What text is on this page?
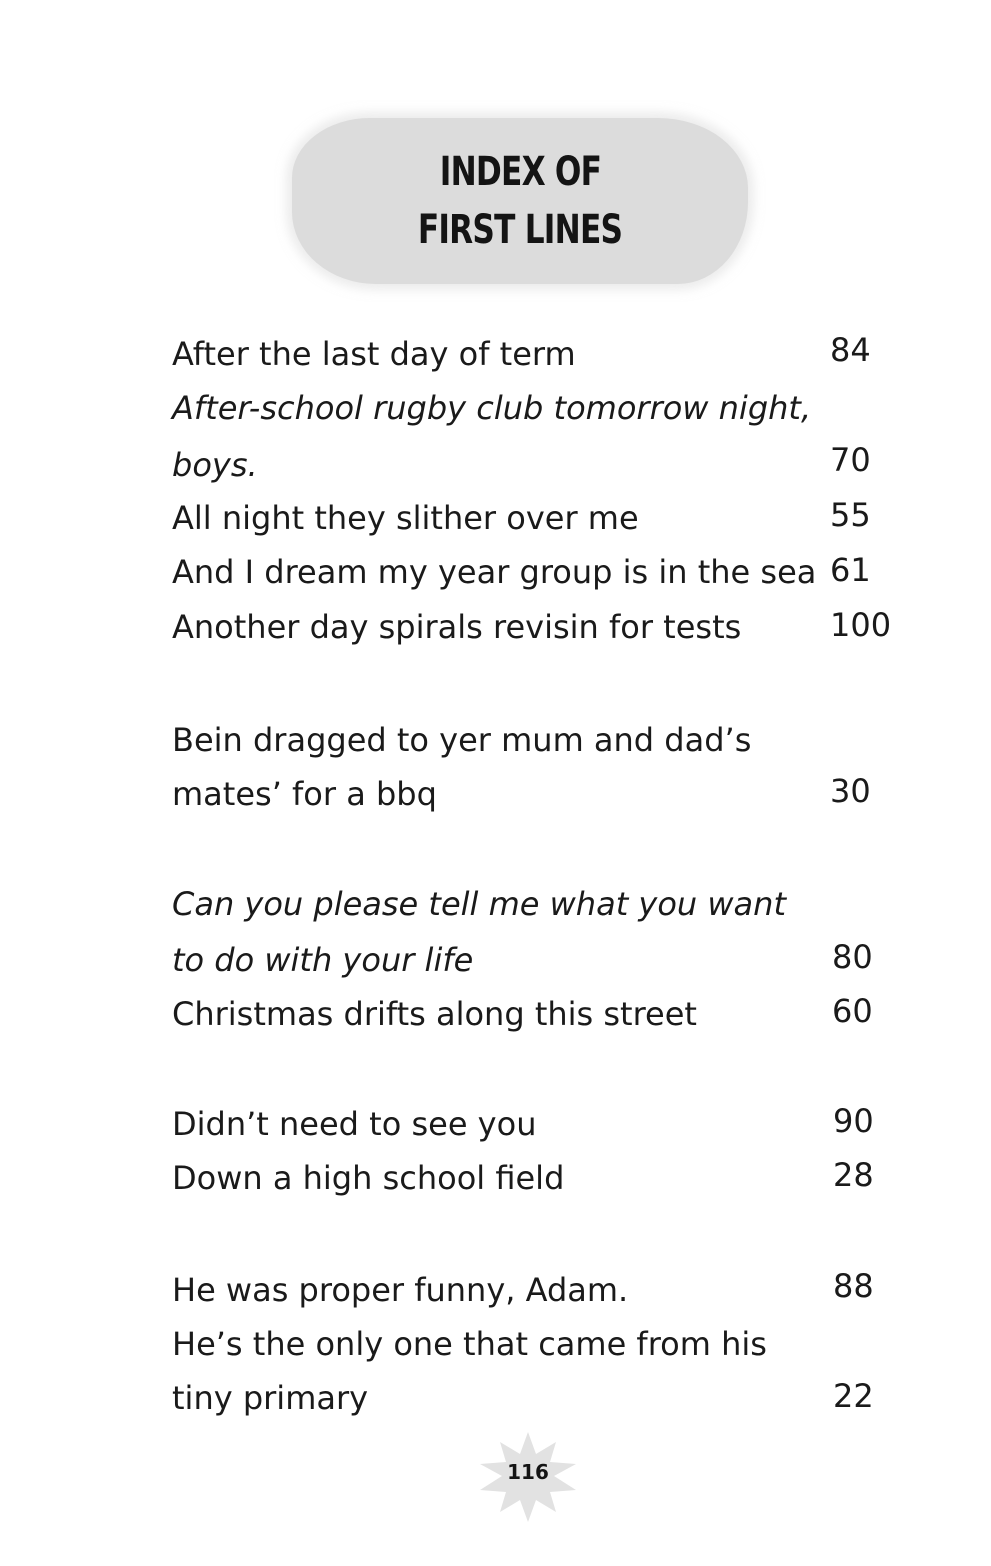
INDEX OF
FIRST LINES
After the last day of term	84
After-school rugby club tomorrow night,
boys.	70
All night they slither over me	55
And I dream my year group is in the sea 61
Another day spirals revisin for tests	100
Bein dragged to yer mum and dad’s
mates’ for a bbq	30
Can you please tell me what you want
to do with your life	80
Christmas drifts along this street	60
Didn’t need to see you	90
Down a high school field	28
He was proper funny, Adam.	88
He’s the only one that came from his
tiny primary	22
116
